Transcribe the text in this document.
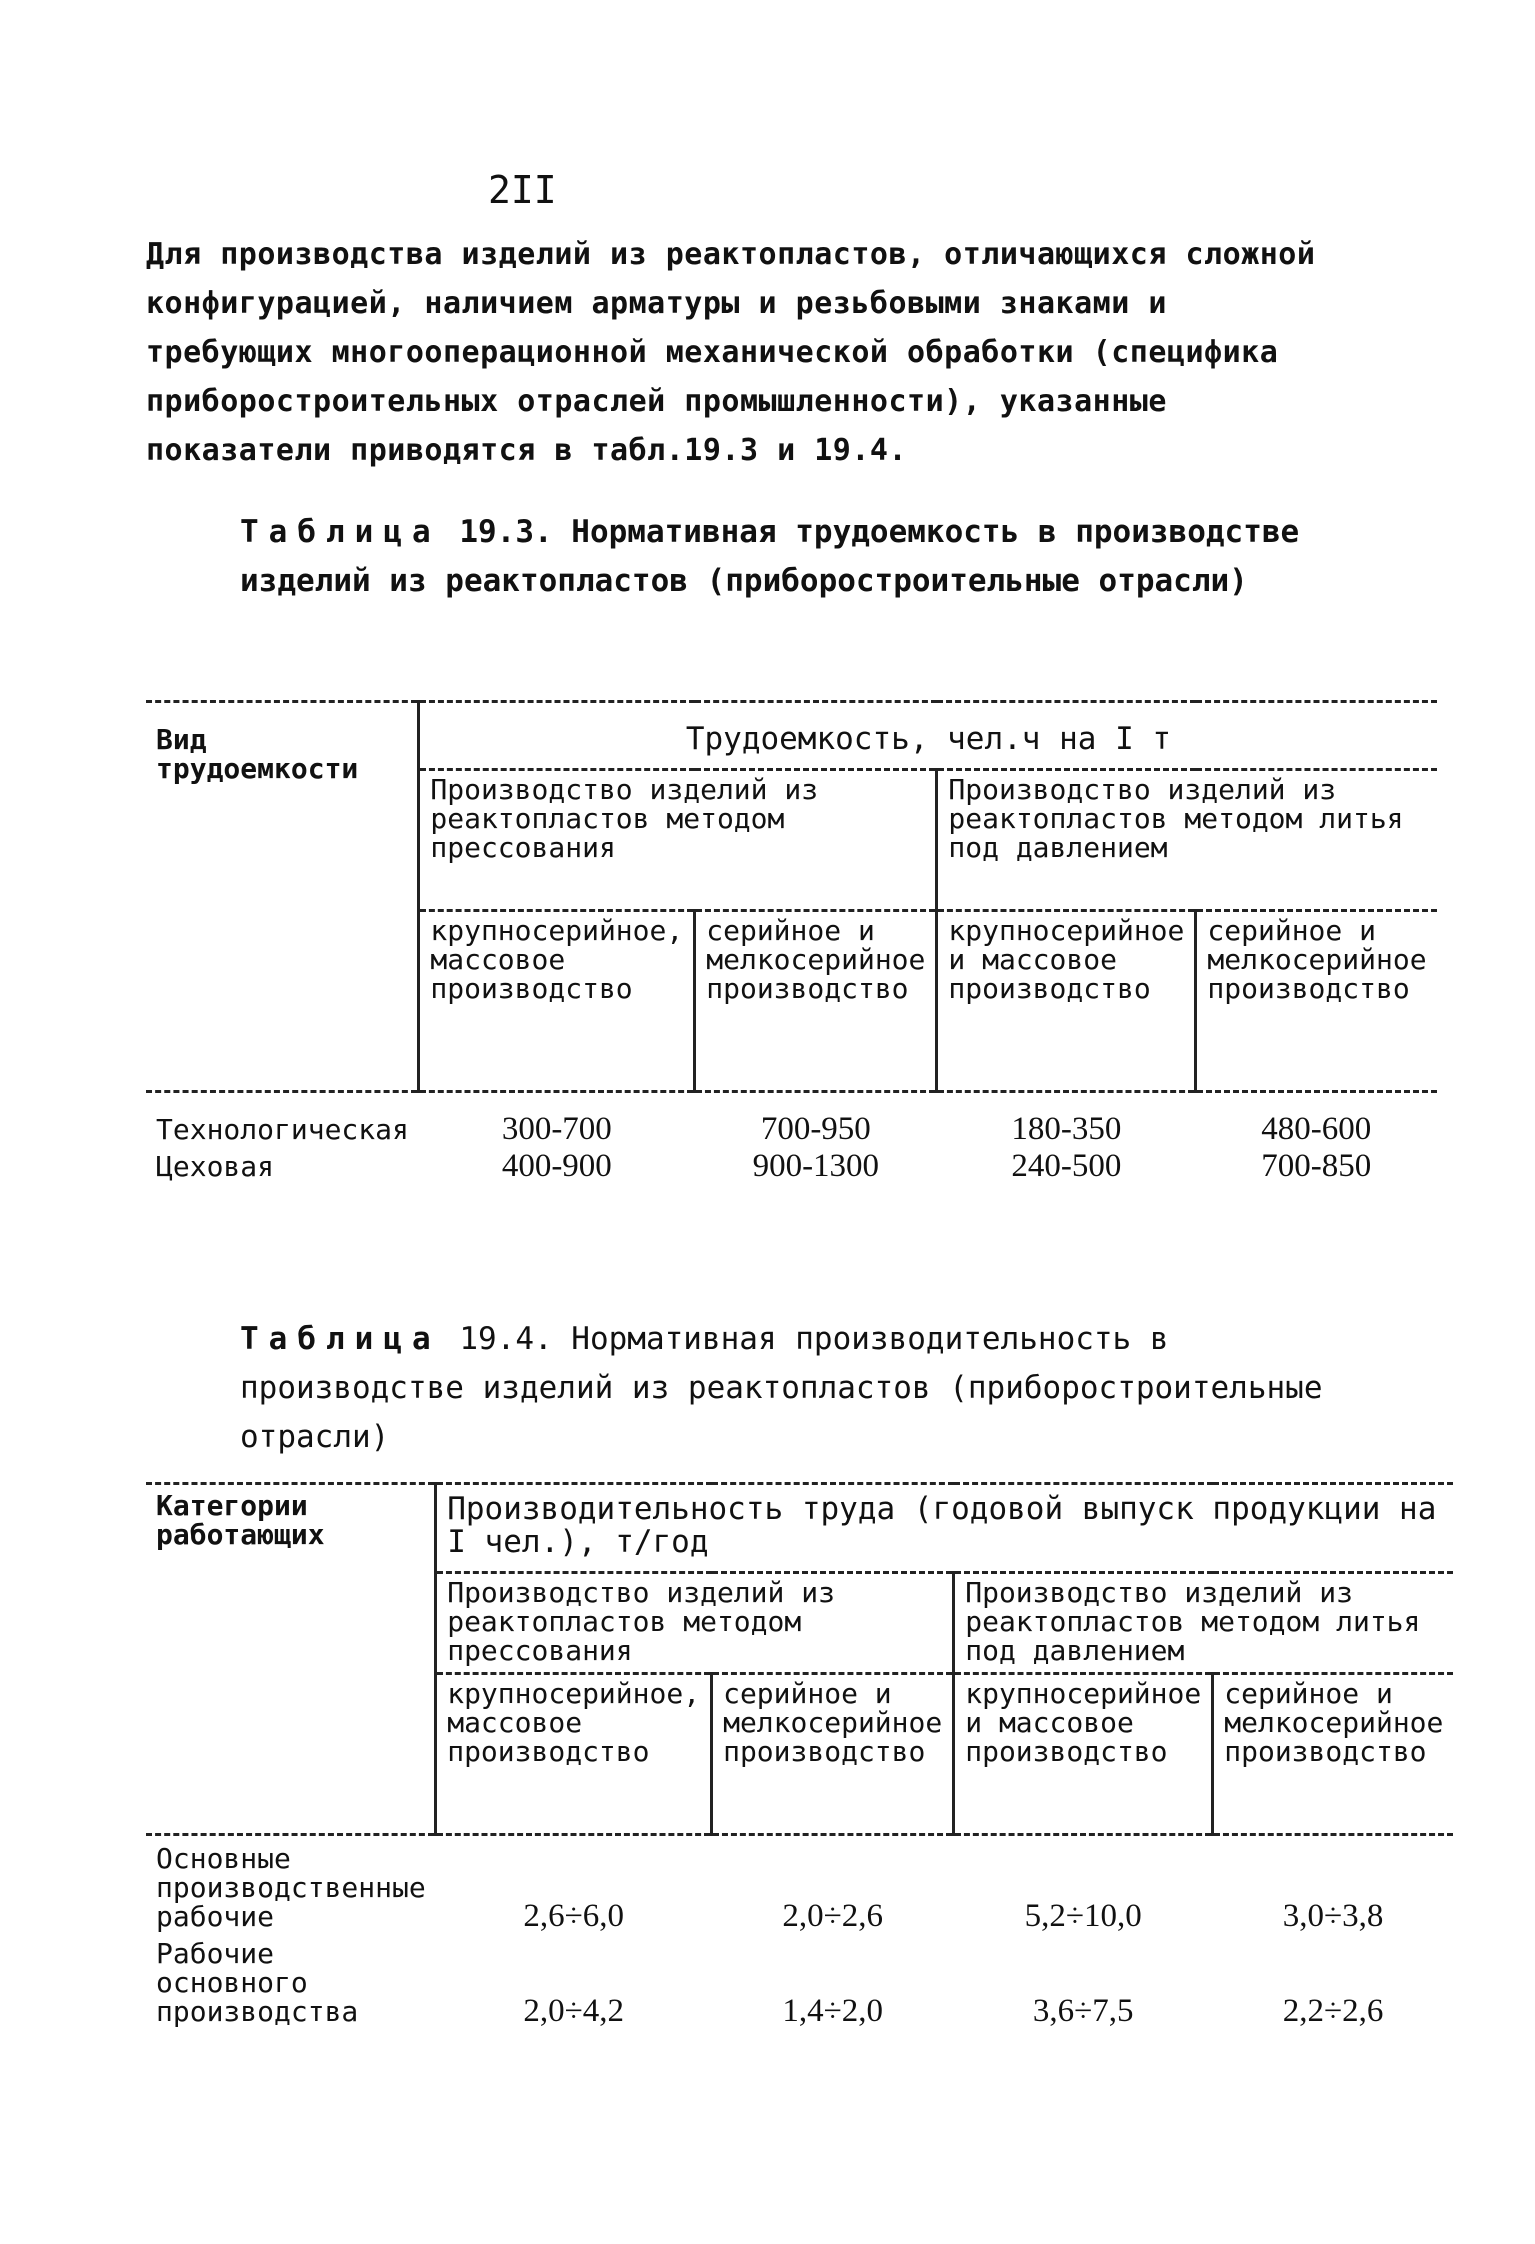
2II
Для производства изделий из реактопластов, отличающихся сложной конфигурацией, наличием арматуры и резьбовыми знаками и требующих многооперационной механической обработки (специфика приборостроительных отраслей промышленности), указанные показатели приводятся в табл.19.3 и 19.4.
Таблица 19.3. Нормативная трудоемкость в производстве изделий из реактопластов (приборостроительные отрасли)
Вид трудоемкости	Трудоемкость, чел.ч на I т			
	Производство изделий из реактопластов методом прессования		Производство изделий из реактопластов методом литья под давлением	
	крупносерийное, массовое производство	серийное и мелкосерийное производство	крупносерийное и массовое производство	серийное и мелкосерийное производство
Технологическая	300-700	700-950	180-350	480-600
Цеховая	400-900	900-1300	240-500	700-850
Таблица 19.4. Нормативная производительность в производстве изделий из реактопластов (приборостроительные отрасли)
Категории работающих	Производительность труда (годовой выпуск продукции на I чел.), т/год			
	Производство изделий из реактопластов методом прессования		Производство изделий из реактопластов методом литья под давлением	
	крупносерийное, массовое производство	серийное и мелкосерийное производство	крупносерийное и массовое производство	серийное и мелкосерийное производство
Основные производственные рабочие	2,6÷6,0	2,0÷2,6	5,2÷10,0	3,0÷3,8
Рабочие основного производства	2,0÷4,2	1,4÷2,0	3,6÷7,5	2,2÷2,6
